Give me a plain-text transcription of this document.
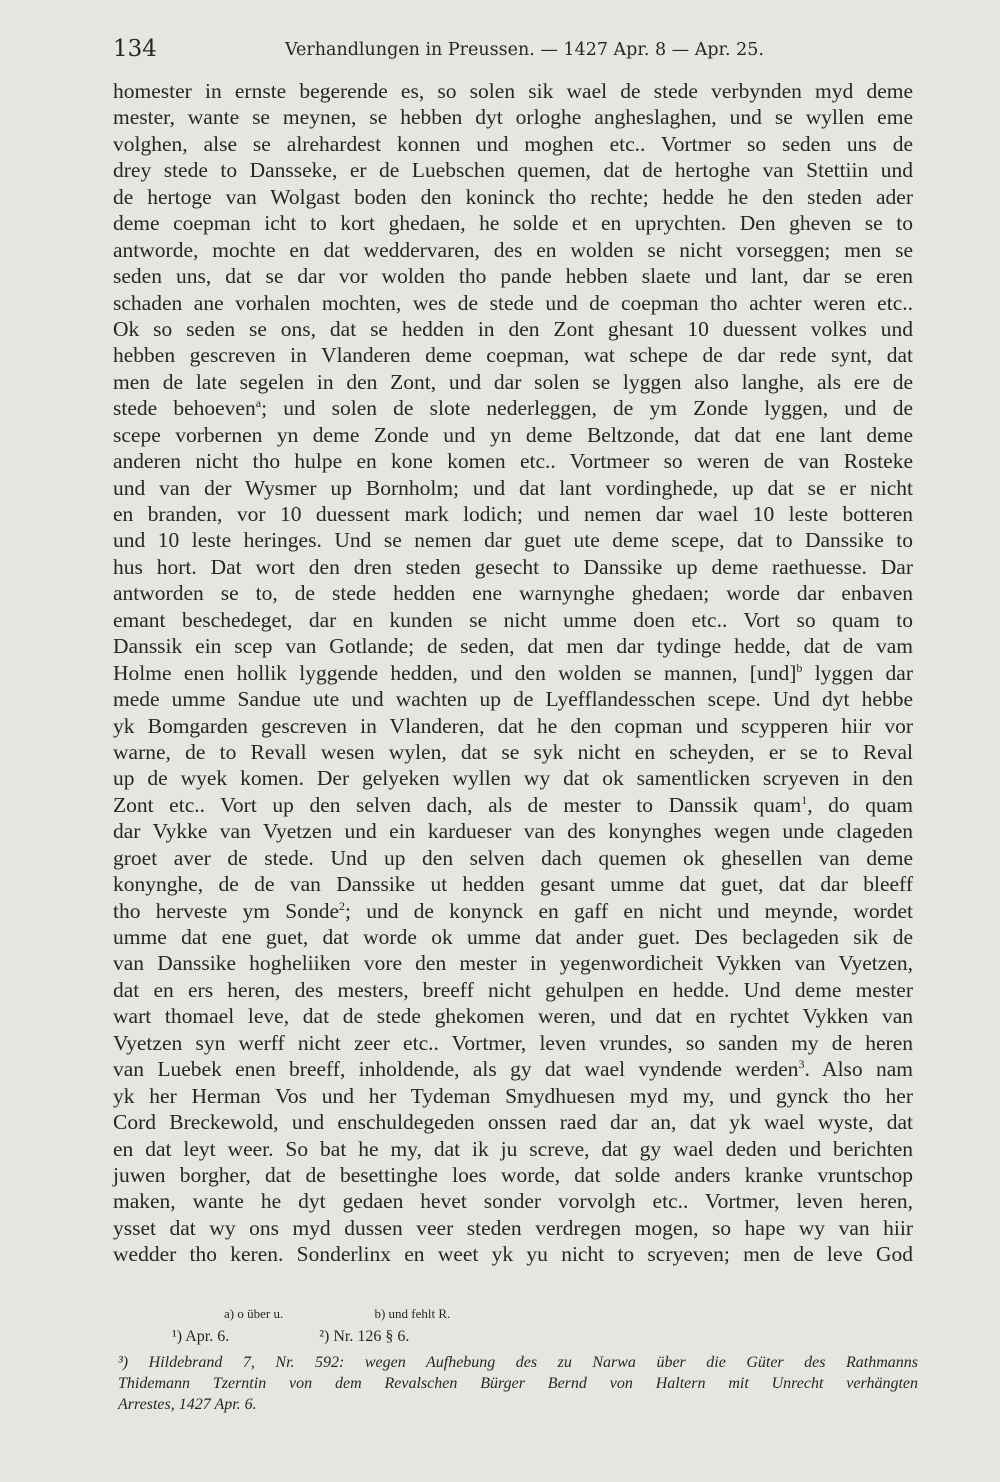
134	Verhandlungen in Preussen. — 1427 Apr. 8 — Apr. 25.
homester in ernste begerende es, so solen sik wael de stede verbynden myd deme
mester, wante se meynen, se hebben dyt orloghe angheslaghen, und se wyllen eme
volghen, alse se alrehardest konnen und moghen etc.. Vortmer so seden uns de
drey stede to Dansseke, er de Luebschen quemen, dat de hertoghe van Stettiin und
de hertoge van Wolgast boden den koninck tho rechte; hedde he den steden ader
deme coepman icht to kort ghedaen, he solde et en uprychten. Den gheven se to
antworde, mochte en dat weddervaren, des en wolden se nicht vorseggen; men se
seden uns, dat se dar vor wolden tho pande hebben slaete und lant, dar se eren
schaden ane vorhalen mochten, wes de stede und de coepman tho achter weren etc..
Ok so seden se ons, dat se hedden in den Zont ghesant 10 duessent volkes und
hebben gescreven in Vlanderen deme coepman, wat schepe de dar rede synt, dat
men de late segelen in den Zont, und dar solen se lyggen also langhe, als ere de
stede behoeven$^a$; und solen de slote nederleggen, de ym Zonde lyggen, und de
scepe vorbernen yn deme Zonde und yn deme Beltzonde, dat dat ene lant deme
anderen nicht tho hulpe en kone komen etc.. Vortmeer so weren de van Rosteke
und van der Wysmer up Bornholm; und dat lant vordinghede, up dat se er nicht
en branden, vor 10 duessent mark lodich; und nemen dar wael 10 leste botteren
und 10 leste heringes. Und se nemen dar guet ute deme scepe, dat to Danssike to
hus hort. Dat wort den dren steden gesecht to Danssike up deme raethuesse. Dar
antworden se to, de stede hedden ene warnynghe ghedaen; worde dar enbaven
emant beschedeget, dar en kunden se nicht umme doen etc.. Vort so quam to
Danssik ein scep van Gotlande; de seden, dat men dar tydinge hedde, dat de vam
Holme enen hollik lyggende hedden, und den wolden se mannen, [und]$^b$ lyggen dar
mede umme Sandue ute und wachten up de Lyefflandesschen scepe. Und dyt hebbe
yk Bomgarden gescreven in Vlanderen, dat he den copman und scypperen hiir vor
warne, de to Revall wesen wylen, dat se syk nicht en scheyden, er se to Reval
up de wyek komen. Der gelyeken wyllen wy dat ok samentlicken scryeven in den
Zont etc.. Vort up den selven dach, als de mester to Danssik quam$^1$, do quam
dar Vykke van Vyetzen und ein kardueser van des konynghes wegen unde clageden
groet aver de stede. Und up den selven dach quemen ok ghesellen van deme
konynghe, de de van Danssike ut hedden gesant umme dat guet, dat dar bleeff
tho herveste ym Sonde$^2$; und de konynck en gaff en nicht und meynde, wordet
umme dat ene guet, dat worde ok umme dat ander guet. Des beclageden sik de
van Danssike hogheliiken vore den mester in yegenwordicheit Vykken van Vyetzen,
dat en ers heren, des mesters, breeff nicht gehulpen en hedde. Und deme mester
wart thomael leve, dat de stede ghekomen weren, und dat en rychtet Vykken van
Vyetzen syn werff nicht zeer etc.. Vortmer, leven vrundes, so sanden my de heren
van Luebek enen breeff, inholdende, als gy dat wael vyndende werden$^3$. Also nam
yk her Herman Vos und her Tydeman Smydhuesen myd my, und gynck tho her
Cord Breckewold, und enschuldegeden onssen raed dar an, dat yk wael wyste, dat
en dat leyt weer. So bat he my, dat ik ju screve, dat gy wael deden und berichten
juwen borgher, dat de besettinghe loes worde, dat solde anders kranke vruntschop
maken, wante he dyt gedaen hevet sonder vorvolgh etc.. Vortmer, leven heren,
ysset dat wy ons myd dussen veer steden verdregen mogen, so hape wy van hiir
wedder tho keren. Sonderlinx en weet yk yu nicht to scryeven; men de leve God
a) o über u.	b) und fehlt R.
¹) Apr. 6.	²) Nr. 126 § 6.
³) Hildebrand 7, Nr. 592: wegen Aufhebung des zu Narwa über die Güter des Rathmanns
Thidemann Tzerntin von dem Revalschen Bürger Bernd von Haltern mit Unrecht verhängten
Arrestes, 1427 Apr. 6.
